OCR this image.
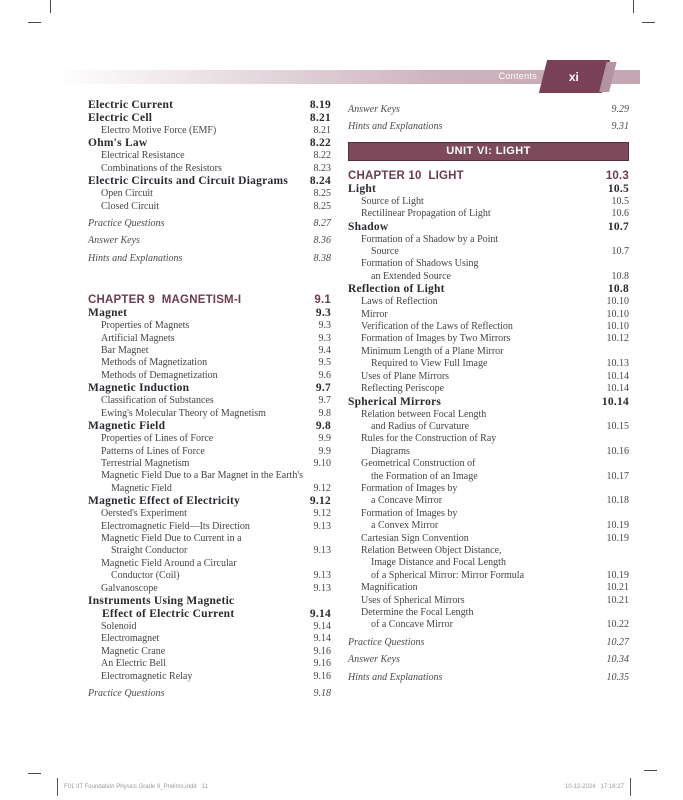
Contents	xi
Electric Current	8.19
Electric Cell	8.21
Electro Motive Force (EMF)	8.21
Ohm's Law	8.22
Electrical Resistance	8.22
Combinations of the Resistors	8.23
Electric Circuits and Circuit Diagrams	8.24
Open Circuit	8.25
Closed Circuit	8.25
Practice Questions	8.27
Answer Keys	8.36
Hints and Explanations	8.38
CHAPTER 9  MAGNETISM-I	9.1
Magnet	9.3
Properties of Magnets	9.3
Artificial Magnets	9.3
Bar Magnet	9.4
Methods of Magnetization	9.5
Methods of Demagnetization	9.6
Magnetic Induction	9.7
Classification of Substances	9.7
Ewing's Molecular Theory of Magnetism	9.8
Magnetic Field	9.8
Properties of Lines of Force	9.9
Patterns of Lines of Force	9.9
Terrestrial Magnetism	9.10
Magnetic Field Due to a Bar Magnet in the Earth's
Magnetic Field	9.12
Magnetic Effect of Electricity	9.12
Oersted's Experiment	9.12
Electromagnetic Field—Its Direction	9.13
Magnetic Field Due to Current in a
Straight Conductor	9.13
Magnetic Field Around a Circular
Conductor (Coil)	9.13
Galvanoscope	9.13
Instruments Using Magnetic
Effect of Electric Current	9.14
Solenoid	9.14
Electromagnet	9.14
Magnetic Crane	9.16
An Electric Bell	9.16
Electromagnetic Relay	9.16
Practice Questions	9.18
Answer Keys	9.29
Hints and Explanations	9.31
UNIT VI: LIGHT
CHAPTER 10  LIGHT	10.3
Light	10.5
Source of Light	10.5
Rectilinear Propagation of Light	10.6
Shadow	10.7
Formation of a Shadow by a Point
Source	10.7
Formation of Shadows Using
an Extended Source	10.8
Reflection of Light	10.8
Laws of Reflection	10.10
Mirror	10.10
Verification of the Laws of Reflection	10.10
Formation of Images by Two Mirrors	10.12
Minimum Length of a Plane Mirror
Required to View Full Image	10.13
Uses of Plane Mirrors	10.14
Reflecting Periscope	10.14
Spherical Mirrors	10.14
Relation between Focal Length
and Radius of Curvature	10.15
Rules for the Construction of Ray
Diagrams	10.16
Geometrical Construction of
the Formation of an Image	10.17
Formation of Images by
a Concave Mirror	10.18
Formation of Images by
a Convex Mirror	10.19
Cartesian Sign Convention	10.19
Relation Between Object Distance,
Image Distance and Focal Length
of a Spherical Mirror: Mirror Formula	10.19
Magnification	10.21
Uses of Spherical Mirrors	10.21
Determine the Focal Length
of a Concave Mirror	10.22
Practice Questions	10.27
Answer Keys	10.34
Hints and Explanations	10.35
F01 IIT Foundation Physics Grade 9_Prelims.indd   11	10-12-2024   17:16:27
